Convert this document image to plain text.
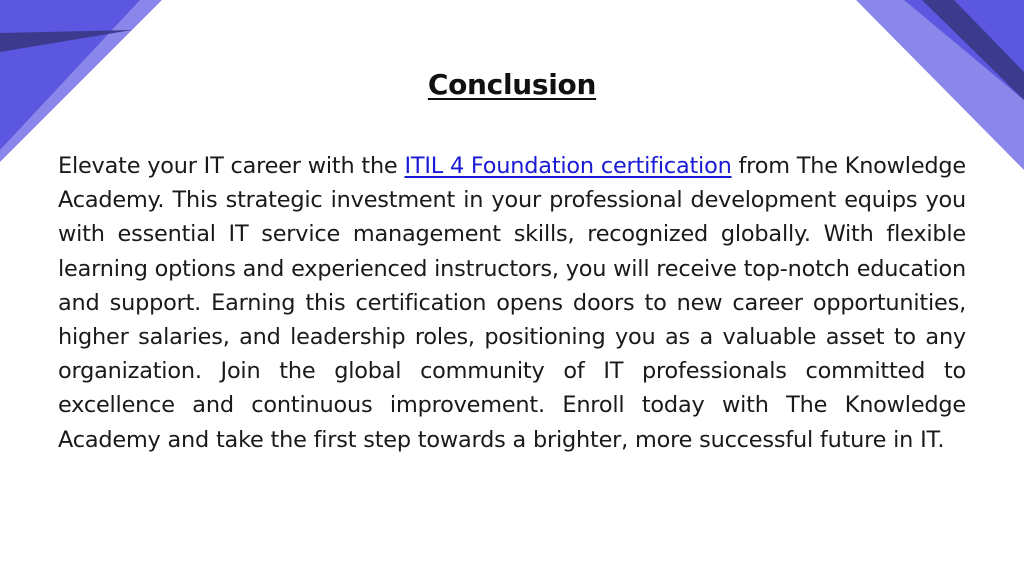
Conclusion

Elevate your IT career with the ITIL 4 Foundation certification from The Knowledge Academy. This strategic investment in your professional development equips you with essential IT service management skills, recognized globally. With flexible learning options and experienced instructors, you will receive top-notch education and support. Earning this certification opens doors to new career opportunities, higher salaries, and leadership roles, positioning you as a valuable asset to any organization. Join the global community of IT professionals committed to excellence and continuous improvement. Enroll today with The Knowledge Academy and take the first step towards a brighter, more successful future in IT.
